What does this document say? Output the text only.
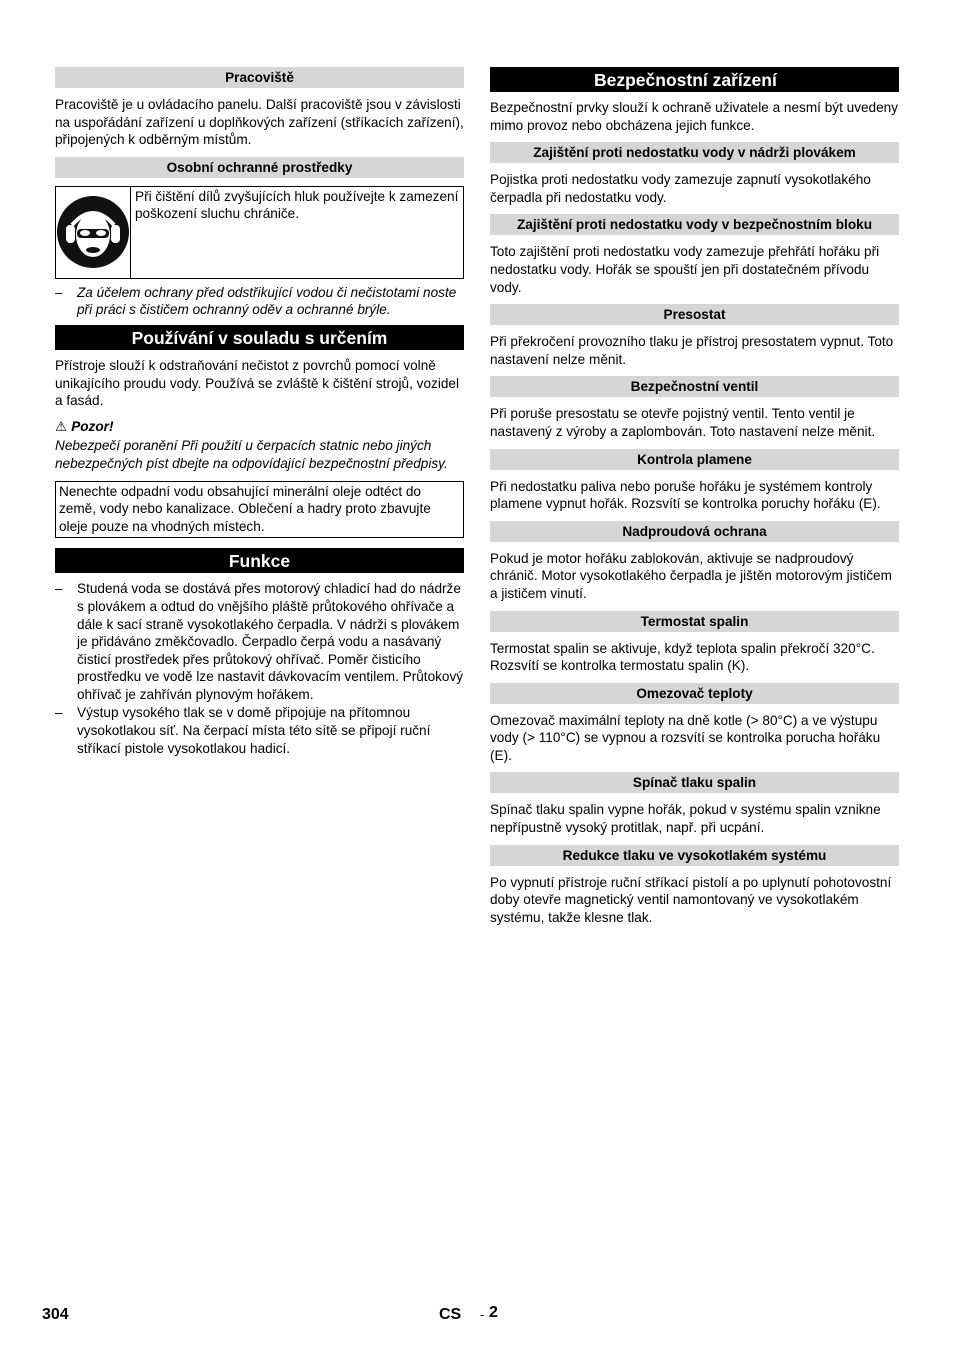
Pracoviště

Pracoviště je u ovládacího panelu. Další pracoviště jsou v závislosti na uspořádání zařízení u doplňkových zařízení (stříkacích zařízení), připojených k odběrným místům.

Osobní ochranné prostředky
Při čištění dílů zvyšujících hluk používejte k zamezení poškození sluchu chrániče.
– Za účelem ochrany před odstřikující vodou či nečistotami noste při práci s čističem ochranný oděv a ochranné brýle.
Používání v souladu s určením

Přístroje slouží k odstraňování nečistot z povrchů pomocí volně unikajícího proudu vody. Používá se zvláště k čištění strojů, vozidel a fasád.

⚠ Pozor!

Nebezpečí poranění Při použití u čerpacích statnic nebo jiných nebezpečných píst dbejte na odpovídající bezpečnostní předpisy.

Nenechte odpadní vodu obsahující minerální oleje odtéct do země, vody nebo kanalizace. Oblečení a hadry proto zbavujte oleje pouze na vhodných místech.
Funkce
– Studená voda se dostává přes motorový chladicí had do nádrže s plovákem a odtud do vnějšího pláště průtokového ohřívače a dále k sací straně vysokotlakého čerpadla. V nádrži s plovákem je přidáváno změkčovadlo. Čerpadlo čerpá vodu a nasávaný čisticí prostředek přes průtokový ohřívač. Poměr čisticího prostředku ve vodě lze nastavit dávkovacím ventilem. Průtokový ohřívač je zahříván plynovým hořákem.
– Výstup vysokého tlak se v domě připojuje na přítomnou vysokotlakou síť. Na čerpací místa této sítě se připojí ruční stříkací pistole vysokotlakou hadicí.
Bezpečnostní zařízení

Bezpečnostní prvky slouží k ochraně uživatele a nesmí být uvedeny mimo provoz nebo obcházena jejich funkce.

Zajištění proti nedostatku vody v nádrži plovákem

Pojistka proti nedostatku vody zamezuje zapnutí vysokotlakého čerpadla při nedostatku vody.

Zajištění proti nedostatku vody v bezpečnostním bloku

Toto zajištění proti nedostatku vody zamezuje přehřátí hořáku při nedostatku vody. Hořák se spouští jen při dostatečném přívodu vody.

Presostat

Při překročení provozního tlaku je přístroj presostatem vypnut. Toto nastavení nelze měnit.

Bezpečnostní ventil

Při poruše presostatu se otevře pojistný ventil. Tento ventil je nastavený z výroby a zaplombován. Toto nastavení nelze měnit.

Kontrola plamene

Při nedostatku paliva nebo poruše hořáku je systémem kontroly plamene vypnut hořák. Rozsvítí se kontrolka poruchy hořáku (E).

Nadproudová ochrana

Pokud je motor hořáku zablokován, aktivuje se nadproudový chránič. Motor vysokotlakého čerpadla je jištěn motorovým jističem a jističem vinutí.

Termostat spalin

Termostat spalin se aktivuje, když teplota spalin překročí 320°C. Rozsvítí se kontrolka termostatu spalin (K).

Omezovač teploty

Omezovač maximální teploty na dně kotle (> 80°C) a ve výstupu vody (> 110°C) se vypnou a rozsvítí se kontrolka porucha hořáku (E).

Spínač tlaku spalin

Spínač tlaku spalin vypne hořák, pokud v systému spalin vznikne nepřípustně vysoký protitlak, např. při ucpání.

Redukce tlaku ve vysokotlakém systému

Po vypnutí přístroje ruční stříkací pistolí a po uplynutí pohotovostní doby otevře magnetický ventil namontovaný ve vysokotlakém systému, takže klesne tlak.

304	CS - 2
